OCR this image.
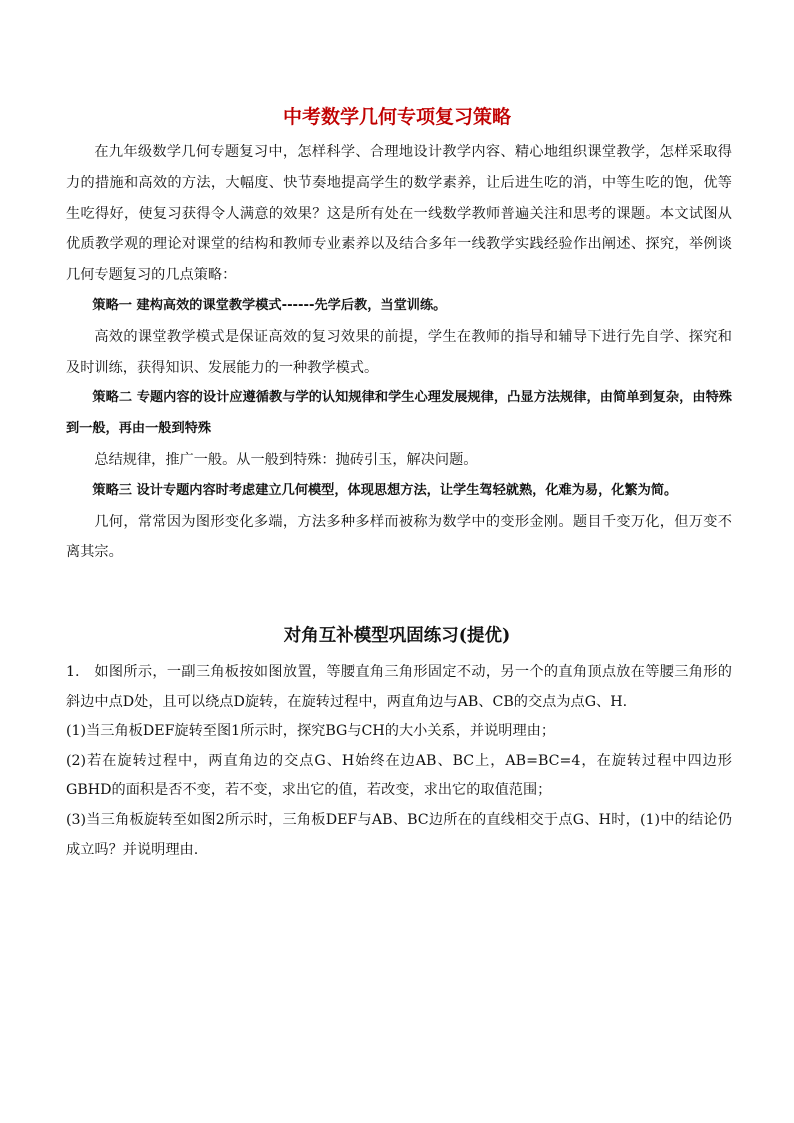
中考数学几何专项复习策略

在九年级数学几何专题复习中，怎样科学、合理地设计教学内容、精心地组织课堂教学，怎样采取得力的措施和高效的方法，大幅度、快节奏地提高学生的数学素养，让后进生吃的消，中等生吃的饱，优等生吃得好，使复习获得令人满意的效果？这是所有处在一线数学教师普遍关注和思考的课题。本文试图从优质教学观的理论对课堂的结构和教师专业素养以及结合多年一线教学实践经验作出阐述、探究，举例谈几何专题复习的几点策略：

策略一 建构高效的课堂教学模式------先学后教，当堂训练。

高效的课堂教学模式是保证高效的复习效果的前提，学生在教师的指导和辅导下进行先自学、探究和及时训练，获得知识、发展能力的一种教学模式。

策略二 专题内容的设计应遵循教与学的认知规律和学生心理发展规律，凸显方法规律，由简单到复杂，由特殊到一般，再由一般到特殊

总结规律，推广一般。从一般到特殊：抛砖引玉，解决问题。

策略三 设计专题内容时考虑建立几何模型，体现思想方法，让学生驾轻就熟，化难为易，化繁为简。

几何，常常因为图形变化多端，方法多种多样而被称为数学中的变形金刚。题目千变万化，但万变不离其宗。

对角互补模型巩固练习(提优)

1.　如图所示，一副三角板按如图放置，等腰直角三角形固定不动，另一个的直角顶点放在等腰三角形的斜边中点D处，且可以绕点D旋转，在旋转过程中，两直角边与AB、CB的交点为点G、H.

(1)当三角板DEF旋转至图1所示时，探究BG与CH的大小关系，并说明理由；

(2)若在旋转过程中，两直角边的交点G、H始终在边AB、BC上，AB=BC=4，在旋转过程中四边形GBHD的面积是否不变，若不变，求出它的值，若改变，求出它的取值范围；

(3)当三角板旋转至如图2所示时，三角板DEF与AB、BC边所在的直线相交于点G、H时，(1)中的结论仍成立吗？并说明理由.
